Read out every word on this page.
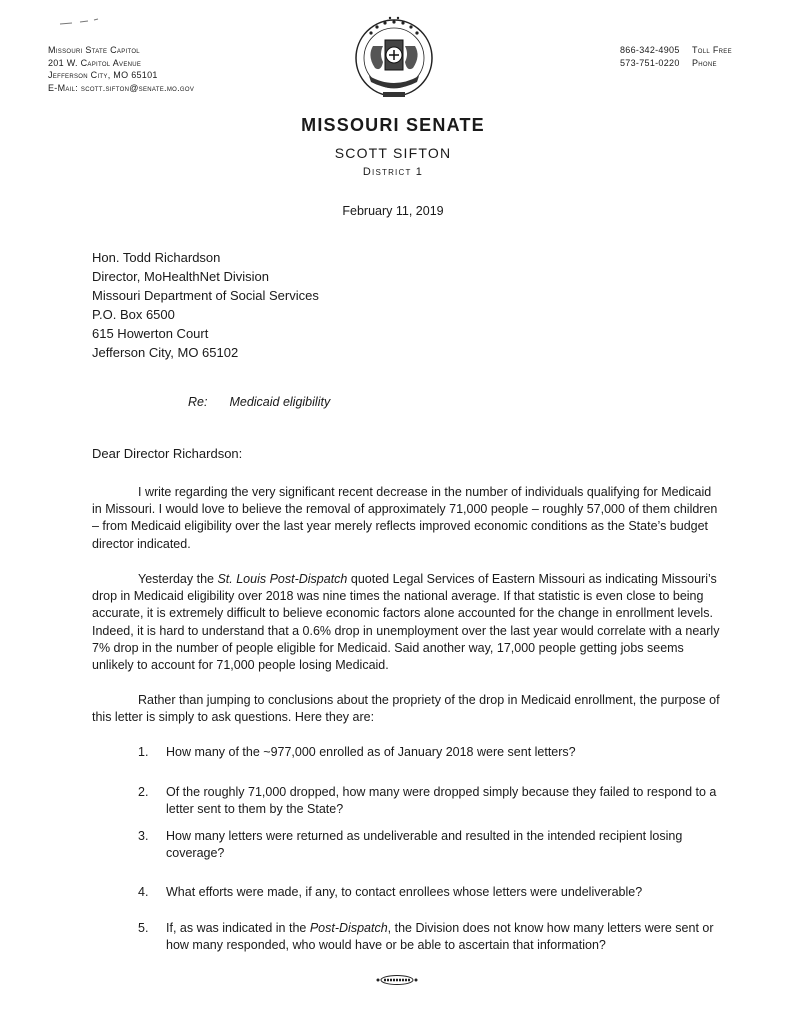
Missouri State Capitol
201 W. Capitol Avenue
Jefferson City, MO 65101
E-Mail: scott.sifton@senate.mo.gov
866-342-4905 Toll Free
573-751-0220 Phone
MISSOURI SENATE
SCOTT SIFTON
District 1
February 11, 2019
Hon. Todd Richardson
Director, MoHealthNet Division
Missouri Department of Social Services
P.O. Box 6500
615 Howerton Court
Jefferson City, MO 65102
Re: Medicaid eligibility
Dear Director Richardson:

I write regarding the very significant recent decrease in the number of individuals qualifying for Medicaid in Missouri. I would love to believe the removal of approximately 71,000 people – roughly 57,000 of them children – from Medicaid eligibility over the last year merely reflects improved economic conditions as the State’s budget director indicated.

Yesterday the St. Louis Post-Dispatch quoted Legal Services of Eastern Missouri as indicating Missouri’s drop in Medicaid eligibility over 2018 was nine times the national average. If that statistic is even close to being accurate, it is extremely difficult to believe economic factors alone accounted for the change in enrollment levels. Indeed, it is hard to understand that a 0.6% drop in unemployment over the last year would correlate with a nearly 7% drop in the number of people eligible for Medicaid. Said another way, 17,000 people getting jobs seems unlikely to account for 71,000 people losing Medicaid.

Rather than jumping to conclusions about the propriety of the drop in Medicaid enrollment, the purpose of this letter is simply to ask questions. Here they are:

1. How many of the ~977,000 enrolled as of January 2018 were sent letters?
2. Of the roughly 71,000 dropped, how many were dropped simply because they failed to respond to a letter sent to them by the State?
3. How many letters were returned as undeliverable and resulted in the intended recipient losing coverage?
4. What efforts were made, if any, to contact enrollees whose letters were undeliverable?
5. If, as was indicated in the Post-Dispatch, the Division does not know how many letters were sent or how many responded, who would have or be able to ascertain that information?
